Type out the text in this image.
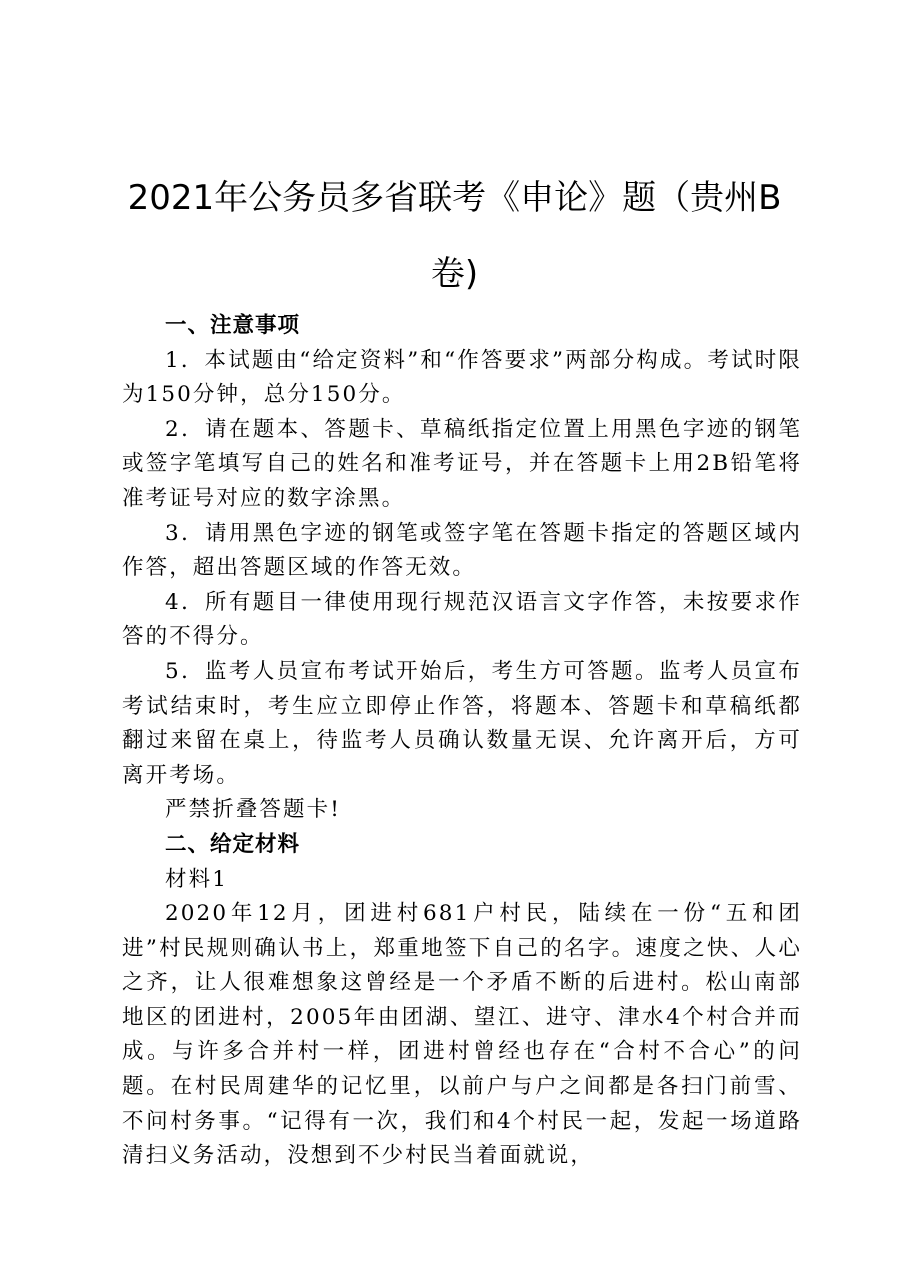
2021年公务员多省联考《申论》题（贵州B
卷)

一、注意事项

1．本试题由“给定资料”和“作答要求”两部分构成。考试时限为150分钟，总分150分。

2．请在题本、答题卡、草稿纸指定位置上用黑色字迹的钢笔或签字笔填写自己的姓名和准考证号，并在答题卡上用2B铅笔将准考证号对应的数字涂黑。

3．请用黑色字迹的钢笔或签字笔在答题卡指定的答题区域内作答，超出答题区域的作答无效。

4．所有题目一律使用现行规范汉语言文字作答，未按要求作答的不得分。

5．监考人员宣布考试开始后，考生方可答题。监考人员宣布考试结束时，考生应立即停止作答，将题本、答题卡和草稿纸都翻过来留在桌上，待监考人员确认数量无误、允许离开后，方可离开考场。

严禁折叠答题卡!

二、给定材料

材料1

2020年12月，团进村681户村民，陆续在一份“五和团进”村民规则确认书上，郑重地签下自己的名字。速度之快、人心之齐，让人很难想象这曾经是一个矛盾不断的后进村。松山南部地区的团进村，2005年由团湖、望江、进守、津水4个村合并而成。与许多合并村一样，团进村曾经也存在“合村不合心”的问题。在村民周建华的记忆里，以前户与户之间都是各扫门前雪、不问村务事。“记得有一次，我们和4个村民一起，发起一场道路清扫义务活动，没想到不少村民当着面就说，
